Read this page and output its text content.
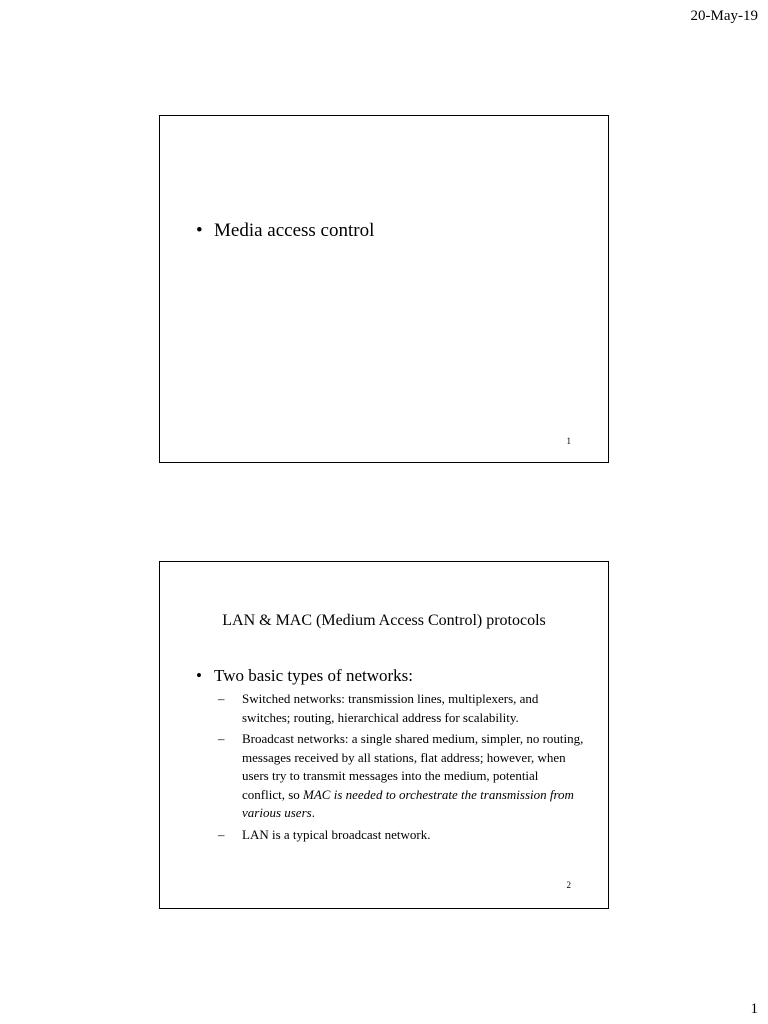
20-May-19
• Media access control
1
LAN & MAC (Medium Access Control) protocols
• Two basic types of networks:
– Switched networks: transmission lines, multiplexers, and switches; routing, hierarchical address for scalability.
– Broadcast networks: a single shared medium, simpler, no routing, messages received by all stations, flat address; however, when users try to transmit messages into the medium, potential conflict, so MAC is needed to orchestrate the transmission from various users.
– LAN is a typical broadcast network.
2
1
